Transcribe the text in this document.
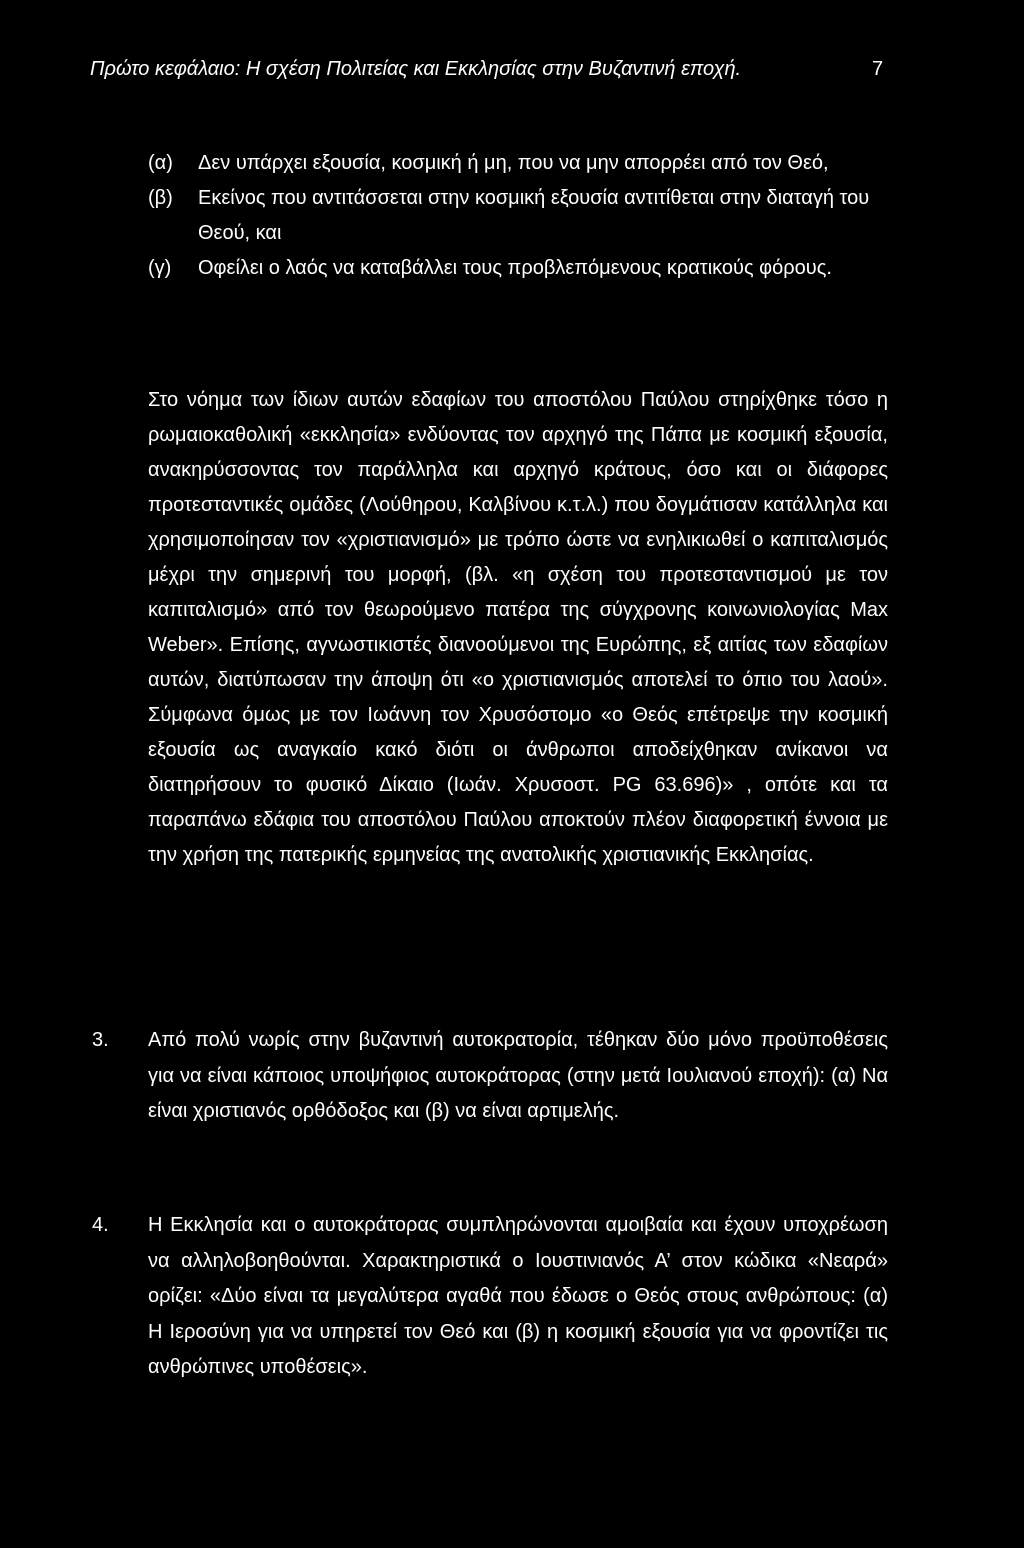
Πρώτο κεφάλαιο: Η σχέση Πολιτείας και Εκκλησίας στην Βυζαντινή εποχή.	7

(α) Δεν υπάρχει εξουσία, κοσμική ή μη, που να μην απορρέει από τον Θεό,

(β) Εκείνος που αντιτάσσεται στην κοσμική εξουσία αντιτίθεται στην διαταγή του Θεού, και

(γ) Οφείλει ο λαός να καταβάλλει τους προβλεπόμενους κρατικούς φόρους.

Στο νόημα των ίδιων αυτών εδαφίων του αποστόλου Παύλου στηρίχθηκε τόσο η ρωμαιοκαθολική «εκκλησία» ενδύοντας τον αρχηγό της Πάπα με κοσμική εξουσία, ανακηρύσσοντας τον παράλληλα και αρχηγό κράτους, όσο και οι διάφορες προτεσταντικές ομάδες (Λούθηρου, Καλβίνου κ.τ.λ.) που δογμάτισαν κατάλληλα και χρησιμοποίησαν τον «χριστιανισμό» με τρόπο ώστε να ενηλικιωθεί ο καπιταλισμός μέχρι την σημερινή του μορφή, (βλ. «η σχέση του προτεσταντισμού με τον καπιταλισμό» από τον θεωρούμενο πατέρα της σύγχρονης κοινωνιολογίας Max Weber». Επίσης, αγνωστικιστές διανοούμενοι της Ευρώπης, εξ αιτίας των εδαφίων αυτών, διατύπωσαν την άποψη ότι «ο χριστιανισμός αποτελεί το όπιο του λαού». Σύμφωνα όμως με τον Ιωάννη τον Χρυσόστομο «ο Θεός επέτρεψε την κοσμική εξουσία ως αναγκαίο κακό διότι οι άνθρωποι αποδείχθηκαν ανίκανοι να διατηρήσουν το φυσικό Δίκαιο (Ιωάν. Χρυσοστ. PG 63.696)» , οπότε και τα παραπάνω εδάφια του αποστόλου Παύλου αποκτούν πλέον διαφορετική έννοια με την χρήση της πατερικής ερμηνείας της ανατολικής χριστιανικής Εκκλησίας.

3.	Από πολύ νωρίς στην βυζαντινή αυτοκρατορία, τέθηκαν δύο μόνο προϋποθέσεις για να είναι κάποιος υποψήφιος αυτοκράτορας (στην μετά Ιουλιανού εποχή): (α) Να είναι χριστιανός ορθόδοξος και (β) να είναι αρτιμελής.

4.	Η Εκκλησία και ο αυτοκράτορας συμπληρώνονται αμοιβαία και έχουν υποχρέωση να αλληλοβοηθούνται. Χαρακτηριστικά ο Ιουστινιανός Α’ στον κώδικα «Νεαρά» ορίζει: «Δύο είναι τα μεγαλύτερα αγαθά που έδωσε ο Θεός στους ανθρώπους: (α) Η Ιεροσύνη για να υπηρετεί τον Θεό και (β) η κοσμική εξουσία για να φροντίζει τις ανθρώπινες υποθέσεις».
